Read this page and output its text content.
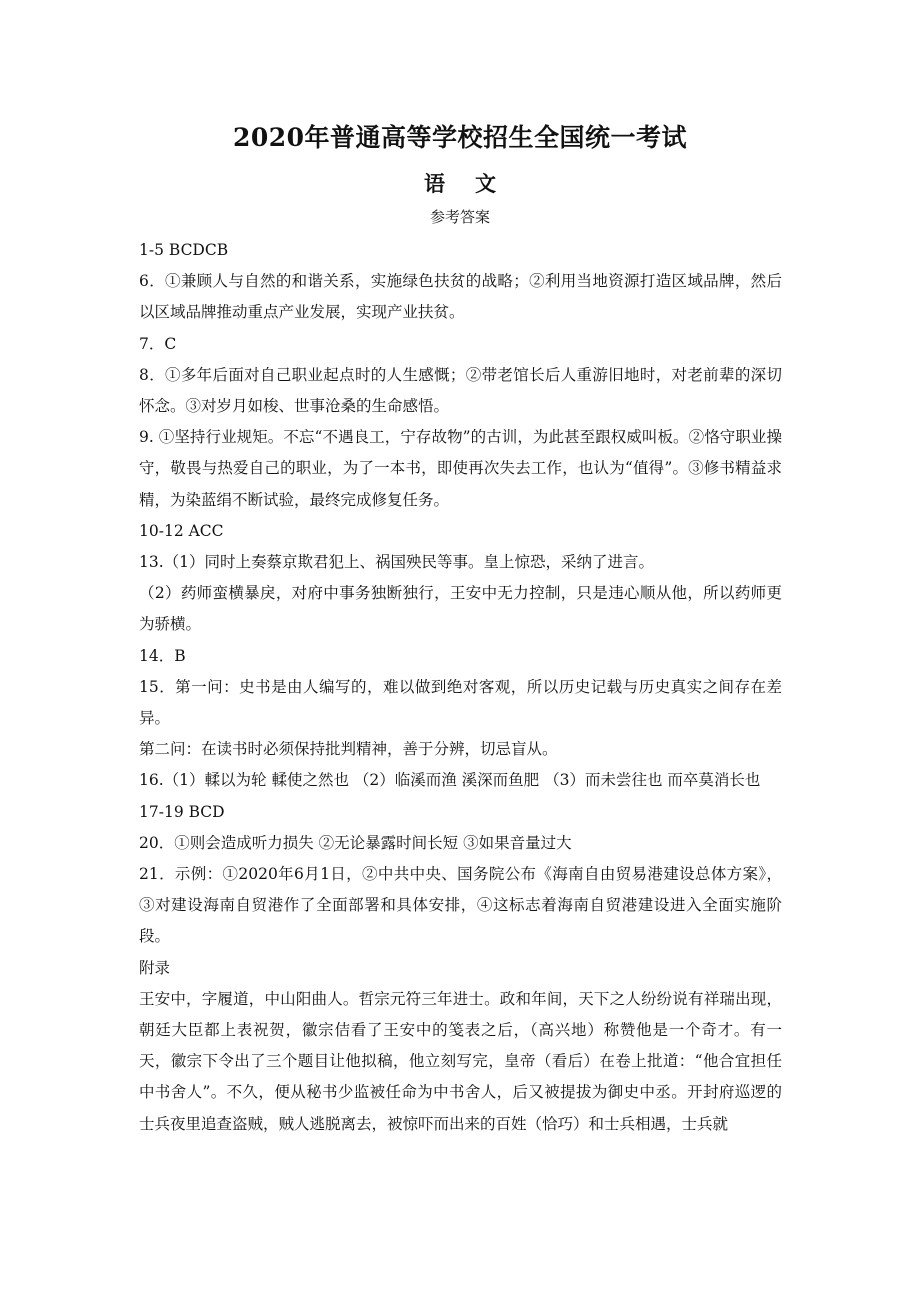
2020年普通高等学校招生全国统一考试
语文
参考答案

1-5 BCDCB

6．①兼顾人与自然的和谐关系，实施绿色扶贫的战略；②利用当地资源打造区域品牌，然后以区域品牌推动重点产业发展，实现产业扶贫。

7．C

8．①多年后面对自己职业起点时的人生感慨；②带老馆长后人重游旧地时，对老前辈的深切怀念。③对岁月如梭、世事沧桑的生命感悟。

9. ①坚持行业规矩。不忘“不遇良工，宁存故物”的古训，为此甚至跟权威叫板。②恪守职业操守，敬畏与热爱自己的职业，为了一本书，即使再次失去工作，也认为“值得”。③修书精益求精，为染蓝绢不断试验，最终完成修复任务。

10-12 ACC

13.（1）同时上奏蔡京欺君犯上、祸国殃民等事。皇上惊恐，采纳了进言。

（2）药师蛮横暴戾，对府中事务独断独行，王安中无力控制，只是违心顺从他，所以药师更为骄横。

14．B

15．第一问：史书是由人编写的，难以做到绝对客观，所以历史记载与历史真实之间存在差异。

第二问：在读书时必须保持批判精神，善于分辨，切忌盲从。

16.（1）輮以为轮 輮使之然也 （2）临溪而渔 溪深而鱼肥 （3）而未尝往也 而卒莫消长也

17-19 BCD

20．①则会造成听力损失 ②无论暴露时间长短 ③如果音量过大

21．示例：①2020年6月1日，②中共中央、国务院公布《海南自由贸易港建设总体方案》，③对建设海南自贸港作了全面部署和具体安排，④这标志着海南自贸港建设进入全面实施阶段。

附录

王安中，字履道，中山阳曲人。哲宗元符三年进士。政和年间，天下之人纷纷说有祥瑞出现，朝廷大臣都上表祝贺，徽宗佶看了王安中的笺表之后，（高兴地）称赞他是一个奇才。有一天，徽宗下令出了三个题目让他拟稿，他立刻写完，皇帝（看后）在卷上批道：“他合宜担任中书舍人”。不久，便从秘书少监被任命为中书舍人，后又被提拔为御史中丞。开封府巡逻的士兵夜里追查盗贼，贼人逃脱离去，被惊吓而出来的百姓（恰巧）和士兵相遇，士兵就
